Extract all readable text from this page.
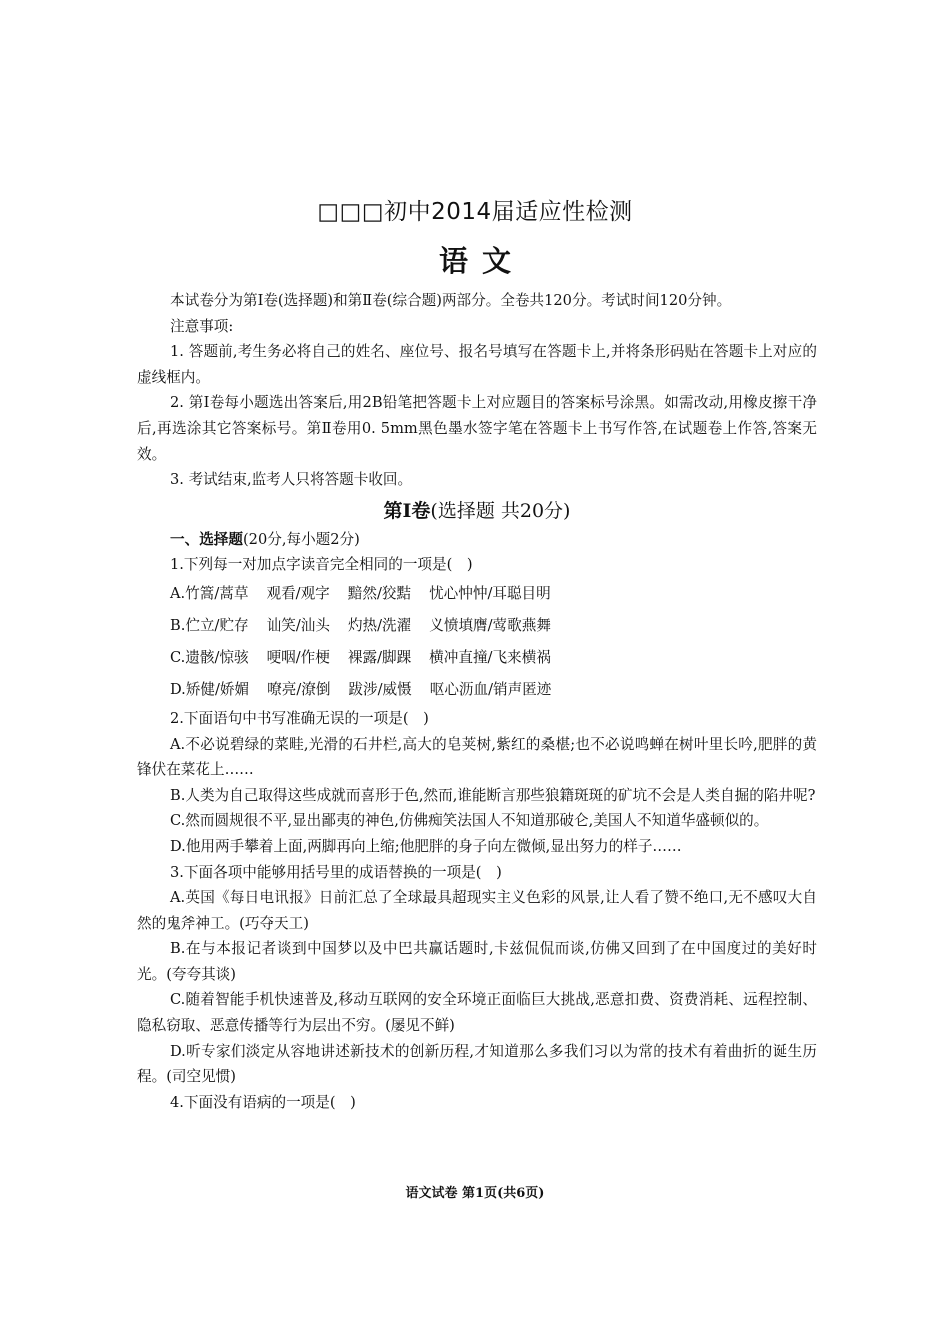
□□□初中2014届适应性检测
语文

本试卷分为第Ⅰ卷(选择题)和第Ⅱ卷(综合题)两部分。全卷共120分。考试时间120分钟。

注意事项:

1. 答题前,考生务必将自己的姓名、座位号、报名号填写在答题卡上,并将条形码贴在答题卡上对应的虚线框内。

2. 第Ⅰ卷每小题选出答案后,用2B铅笔把答题卡上对应题目的答案标号涂黑。如需改动,用橡皮擦干净后,再选涂其它答案标号。第Ⅱ卷用0. 5mm黑色墨水签字笔在答题卡上书写作答,在试题卷上作答,答案无效。

3. 考试结束,监考人只将答题卡收回。

第Ⅰ卷(选择题 共20分)

一、选择题(20分,每小题2分)

1.下列每一对加点字读音完全相同的一项是(　)

A.竹篙/蒿草 观看/观字 黯然/狡黠 忧心忡忡/耳聪目明
B.伫立/贮存 讪笑/汕头 灼热/洗濯 义愤填膺/莺歌燕舞
C.遗骸/惊骇 哽咽/作梗 裸露/脚踝 横冲直撞/飞来横祸
D.矫健/娇媚 嘹亮/潦倒 跋涉/威慑 呕心沥血/销声匿迹

2.下面语句中书写准确无误的一项是(　)

A.不必说碧绿的菜畦,光滑的石井栏,高大的皂荚树,紫红的桑椹;也不必说鸣蝉在树叶里长吟,肥胖的黄锋伏在菜花上……

B.人类为自己取得这些成就而喜形于色,然而,谁能断言那些狼籍斑斑的矿坑不会是人类自掘的陷井呢?

C.然而圆规很不平,显出鄙夷的神色,仿佛痴笑法国人不知道那破仑,美国人不知道华盛顿似的。

D.他用两手攀着上面,两脚再向上缩;他肥胖的身子向左微倾,显出努力的样子……

3.下面各项中能够用括号里的成语替换的一项是(　)

A.英国《每日电讯报》日前汇总了全球最具超现实主义色彩的风景,让人看了赞不绝口,无不感叹大自然的鬼斧神工。(巧夺天工)

B.在与本报记者谈到中国梦以及中巴共赢话题时,卡兹侃侃而谈,仿佛又回到了在中国度过的美好时光。(夸夸其谈)

C.随着智能手机快速普及,移动互联网的安全环境正面临巨大挑战,恶意扣费、资费消耗、远程控制、隐私窃取、恶意传播等行为层出不穷。(屡见不鲜)

D.听专家们淡定从容地讲述新技术的创新历程,才知道那么多我们习以为常的技术有着曲折的诞生历程。(司空见惯)

4.下面没有语病的一项是(　)

语文试卷 第1页(共6页)
